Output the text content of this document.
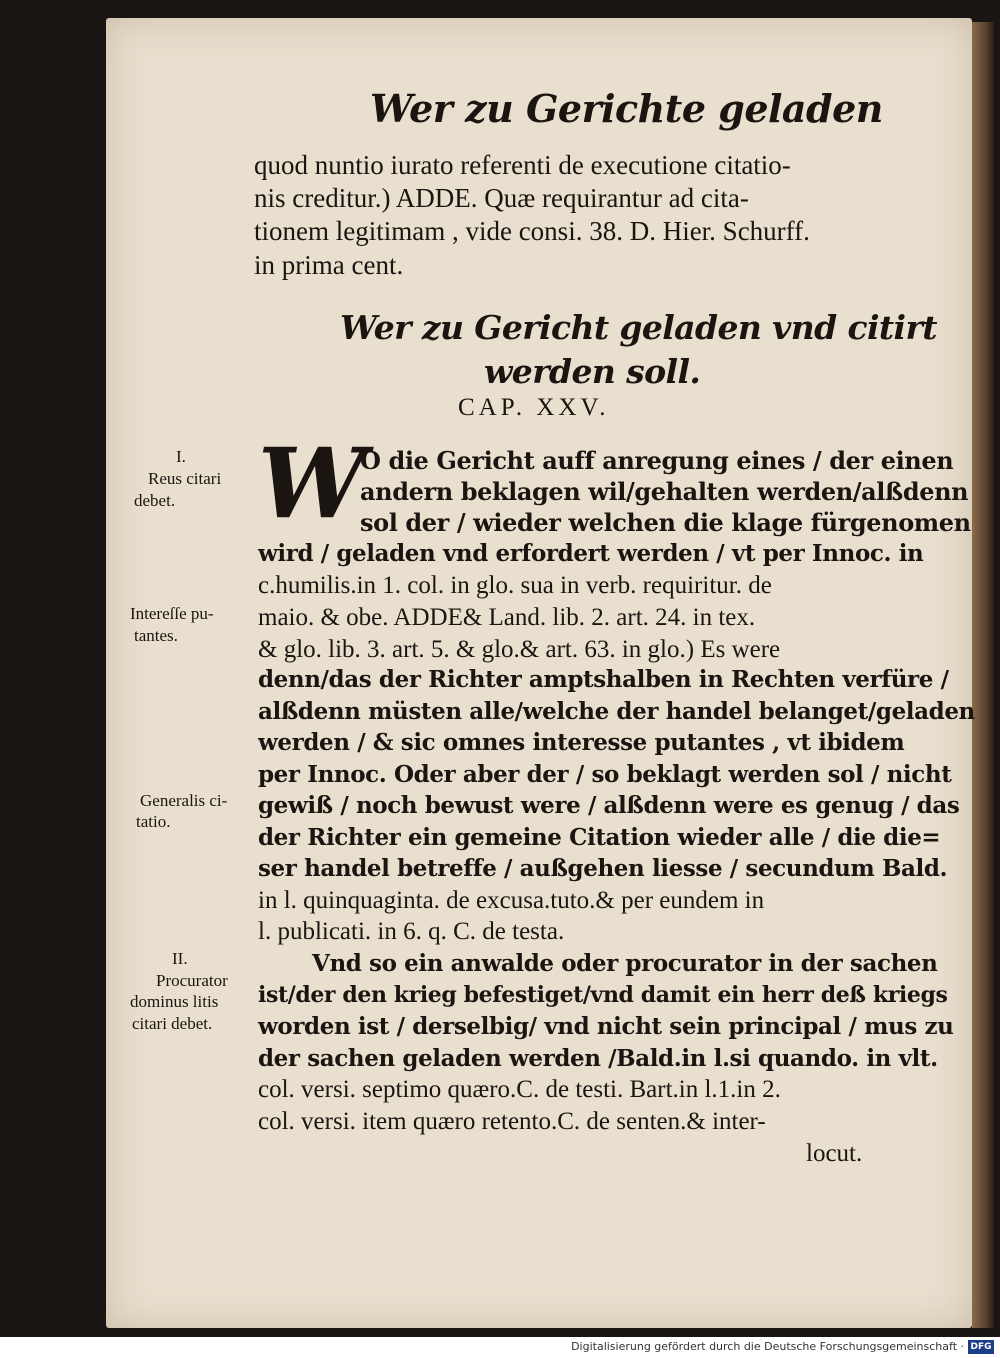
Wer zu Gerichte geladen
quod nuntio iurato referenti de executione citatio-
nis creditur.) ADDE. Quæ requirantur ad cita-
tionem legitimam , vide consi. 38. D. Hier. Schurff.
in prima cent.
Wer zu Gericht geladen vnd citirt
werden soll.
CAP. XXV.
W
O die Gericht auff anregung eines / der einen
andern beklagen wil/gehalten werden/alßdenn
sol der / wieder welchen die klage fürgenomen
wird / geladen vnd erfordert werden / vt per Innoc. in
c.humilis.in 1. col. in glo. sua in verb. requiritur. de
maio. & obe. ADDE& Land. lib. 2. art. 24. in tex.
& glo. lib. 3. art. 5. & glo.& art. 63. in glo.) Es were
denn/das der Richter amptshalben in Rechten verfüre /
alßdenn müsten alle/welche der handel belanget/geladen
werden / & sic omnes interesse putantes , vt ibidem
per Innoc. Oder aber der / so beklagt werden sol / nicht
gewiß / noch bewust were / alßdenn were es genug / das
der Richter ein gemeine Citation wieder alle / die die=
ser handel betreffe / außgehen liesse / secundum Bald.
in l. quinquaginta. de excusa.tuto.& per eundem in
l. publicati. in 6. q. C. de testa.
Vnd so ein anwalde oder procurator in der sachen
ist/der den krieg befestiget/vnd damit ein herr deß kriegs
worden ist / derselbig/ vnd nicht sein principal / mus zu
der sachen geladen werden /Bald.in l.si quando. in vlt.
col. versi. septimo quæro.C. de testi. Bart.in l.1.in 2.
col. versi. item quæro retento.C. de senten.& inter-
locut.
I.
Reus citari
debet.
Intereſſe pu-
tantes.
Generalis ci-
tatio.
II.
Procurator
dominus litis
citari debet.
Digitalisierung gefördert durch die Deutsche Forschungsgemeinschaft · DFG
